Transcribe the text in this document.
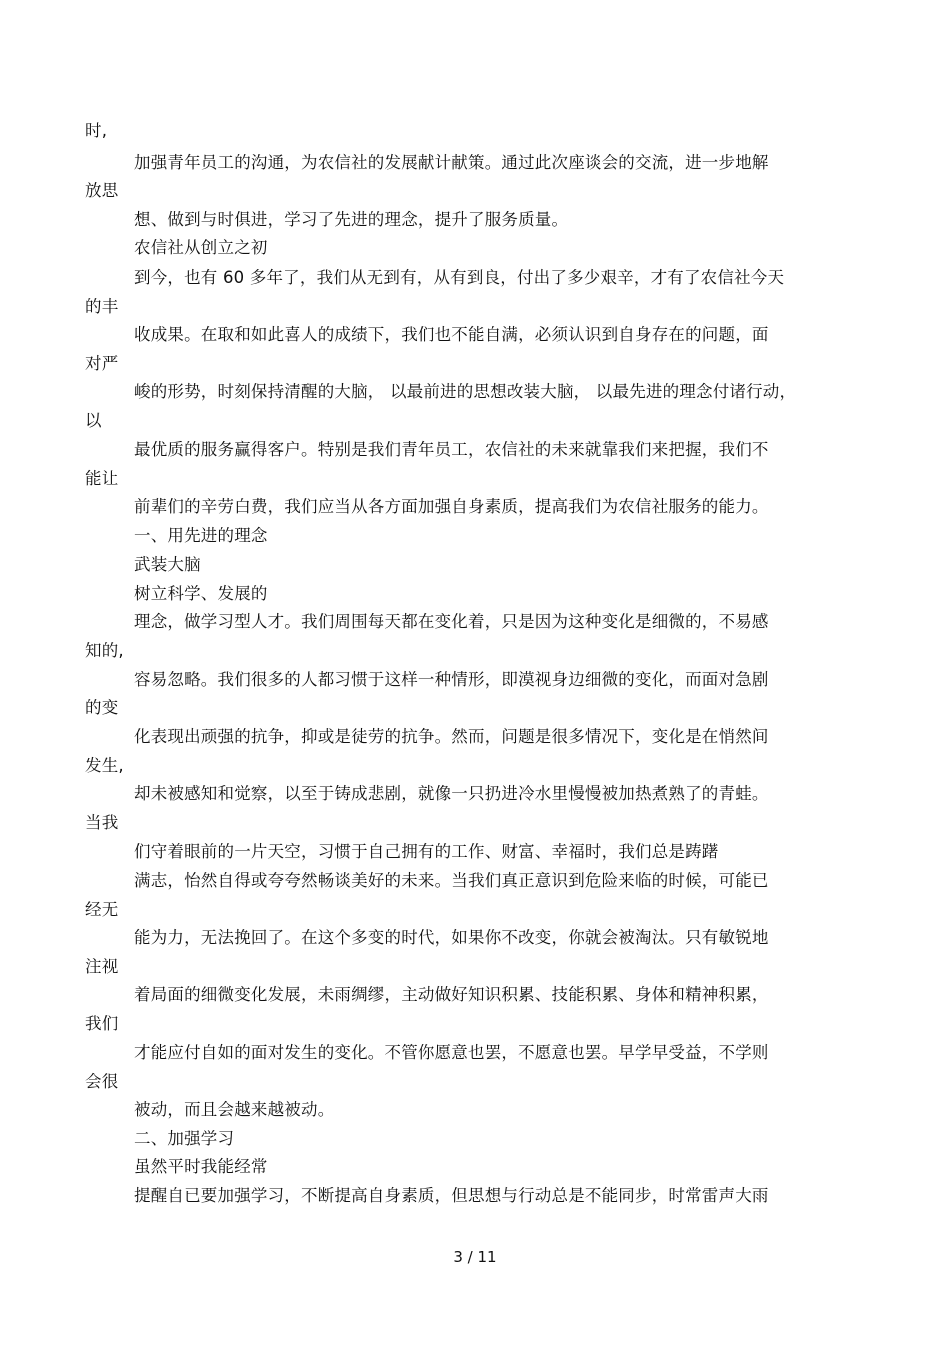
时,
加强青年员工的沟通，为农信社的发展献计献策。通过此次座谈会的交流，进一步地解
放思
想、做到与时俱进，学习了先进的理念，提升了服务质量。
农信社从创立之初
到今，也有 60 多年了，我们从无到有，从有到良，付出了多少艰辛，才有了农信社今天
的丰
收成果。在取和如此喜人的成绩下，我们也不能自满，必须认识到自身存在的问题，面
对严
峻的形势，时刻保持清醒的大脑， 以最前进的思想改装大脑， 以最先进的理念付诸行动，
以
最优质的服务赢得客户。特别是我们青年员工，农信社的未来就靠我们来把握，我们不
能让
前辈们的辛劳白费，我们应当从各方面加强自身素质，提高我们为农信社服务的能力。
一、用先进的理念
武装大脑
树立科学、发展的
理念，做学习型人才。我们周围每天都在变化着，只是因为这种变化是细微的，不易感
知的,
容易忽略。我们很多的人都习惯于这样一种情形，即漠视身边细微的变化，而面对急剧
的变
化表现出顽强的抗争，抑或是徒劳的抗争。然而，问题是很多情况下，变化是在悄然间
发生,
却未被感知和觉察，以至于铸成悲剧，就像一只扔进冷水里慢慢被加热煮熟了的青蛙。
当我
们守着眼前的一片天空，习惯于自己拥有的工作、财富、幸福时，我们总是踌躇
满志，怡然自得或夸夸然畅谈美好的未来。当我们真正意识到危险来临的时候，可能已
经无
能为力，无法挽回了。在这个多变的时代，如果你不改变，你就会被淘汰。只有敏锐地
注视
着局面的细微变化发展，未雨绸缪，主动做好知识积累、技能积累、身体和精神积累，
我们
才能应付自如的面对发生的变化。不管你愿意也罢，不愿意也罢。早学早受益，不学则
会很
被动，而且会越来越被动。
二、加强学习
虽然平时我能经常
提醒自已要加强学习，不断提高自身素质，但思想与行动总是不能同步，时常雷声大雨
3 / 11
